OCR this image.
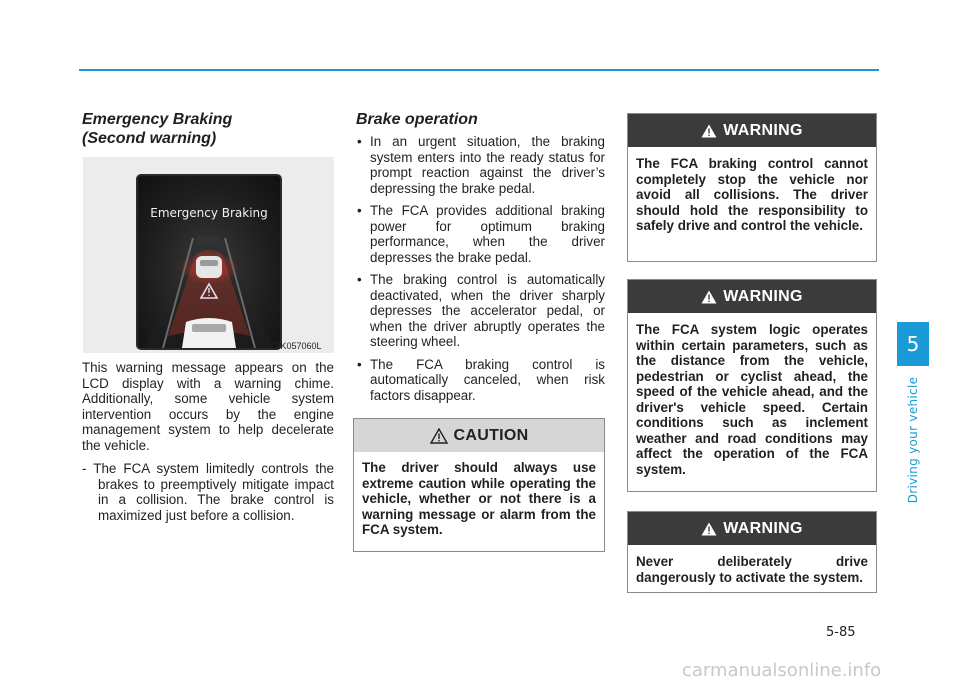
Emergency Braking
(Second warning)
Emergency Braking
OIK057060L
This warning message appears on the LCD display with a warning chime. Additionally, some vehicle system intervention occurs by the engine management system to help decelerate the vehicle.
- The FCA system limitedly controls the brakes to preemptively mitigate impact in a collision. The brake control is maximized just before a collision.
Brake operation
• In an urgent situation, the braking system enters into the ready status for prompt reaction against the driver’s depressing the brake pedal.
• The FCA provides additional braking power for optimum braking performance, when the driver depresses the brake pedal.
• The braking control is automatically deactivated, when the driver sharply depresses the accelerator pedal, or when the driver abruptly operates the steering wheel.
• The FCA braking control is automatically canceled, when risk factors disappear.
CAUTION
The driver should always use extreme caution while operating the vehicle, whether or not there is a warning message or alarm from the FCA system.
WARNING
The FCA braking control cannot completely stop the vehicle nor avoid all collisions. The driver should hold the responsibility to safely drive and control the vehicle.
WARNING
The FCA system logic operates within certain parameters, such as the distance from the vehicle, pedestrian or cyclist ahead, the speed of the vehicle ahead, and the driver's vehicle speed. Certain conditions such as inclement weather and road conditions may affect the operation of the FCA system.
WARNING
Never deliberately drive dangerously to activate the system.
5
Driving your vehicle
5-85
carmanualsonline.info
